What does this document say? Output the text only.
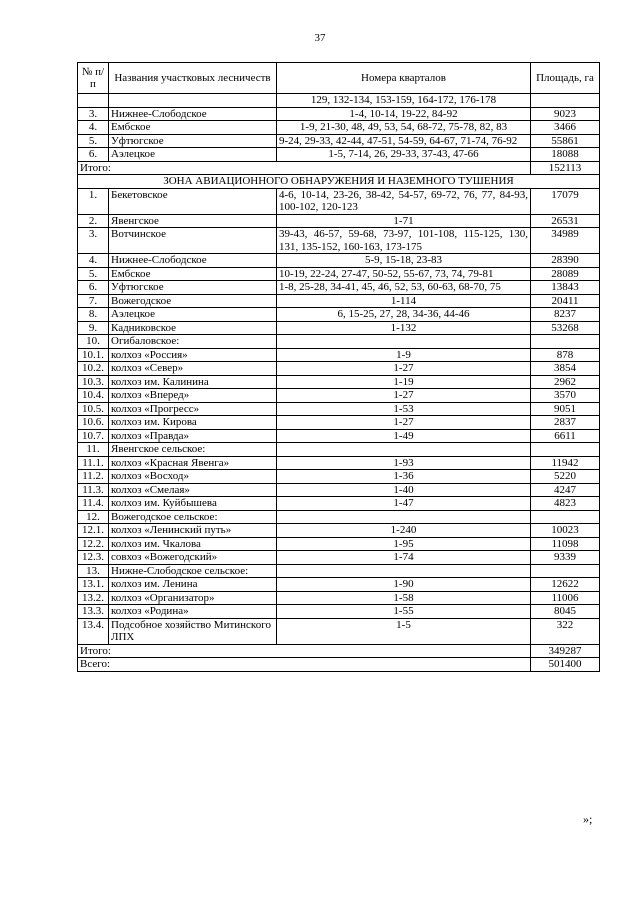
37
№ п/п	Названия участковых лесничеств	Номера кварталов	Площадь, га
		129, 132-134, 153-159, 164-172, 176-178	
3.	Нижнее-Слободское	1-4, 10-14, 19-22, 84-92	9023
4.	Ембское	1-9, 21-30, 48, 49, 53, 54, 68-72, 75-78, 82, 83	3466
5.	Уфтюгское	9-24, 29-33, 42-44, 47-51, 54-59, 64-67, 71-74, 76-92	55861
6.	Аэлецкое	1-5, 7-14, 26, 29-33, 37-43, 47-66	18088
Итого:			152113
ЗОНА АВИАЦИОННОГО ОБНАРУЖЕНИЯ И НАЗЕМНОГО ТУШЕНИЯ			
1.	Бекетовское	4-6, 10-14, 23-26, 38-42, 54-57, 69-72, 76, 77, 84-93, 100-102, 120-123	17079
2.	Явенгское	1-71	26531
3.	Вотчинское	39-43, 46-57, 59-68, 73-97, 101-108, 115-125, 130, 131, 135-152, 160-163, 173-175	34989
4.	Нижнее-Слободское	5-9, 15-18, 23-83	28390
5.	Ембское	10-19, 22-24, 27-47, 50-52, 55-67, 73, 74, 79-81	28089
6.	Уфтюгское	1-8, 25-28, 34-41, 45, 46, 52, 53, 60-63, 68-70, 75	13843
7.	Вожегодское	1-114	20411
8.	Аэлецкое	6, 15-25, 27, 28, 34-36, 44-46	8237
9.	Кадниковское	1-132	53268
10.	Огибаловское:		
10.1.	колхоз «Россия»	1-9	878
10.2.	колхоз «Север»	1-27	3854
10.3.	колхоз им. Калинина	1-19	2962
10.4.	колхоз «Вперед»	1-27	3570
10.5.	колхоз «Прогресс»	1-53	9051
10.6.	колхоз им. Кирова	1-27	2837
10.7.	колхоз «Правда»	1-49	6611
11.	Явенгское сельское:		
11.1.	колхоз «Красная Явенга»	1-93	11942
11.2.	колхоз «Восход»	1-36	5220
11.3.	колхоз «Смелая»	1-40	4247
11.4.	колхоз им. Куйбышева	1-47	4823
12.	Вожегодское сельское:		
12.1.	колхоз «Ленинский путь»	1-240	10023
12.2.	колхоз им. Чкалова	1-95	11098
12.3.	совхоз «Вожегодский»	1-74	9339
13.	Нижне-Слободское сельское:		
13.1.	колхоз им. Ленина	1-90	12622
13.2.	колхоз «Организатор»	1-58	11006
13.3.	колхоз «Родина»	1-55	8045
13.4.	Подсобное хозяйство Митинского ЛПХ	1-5	322
Итого:			349287
Всего:			501400
»;
